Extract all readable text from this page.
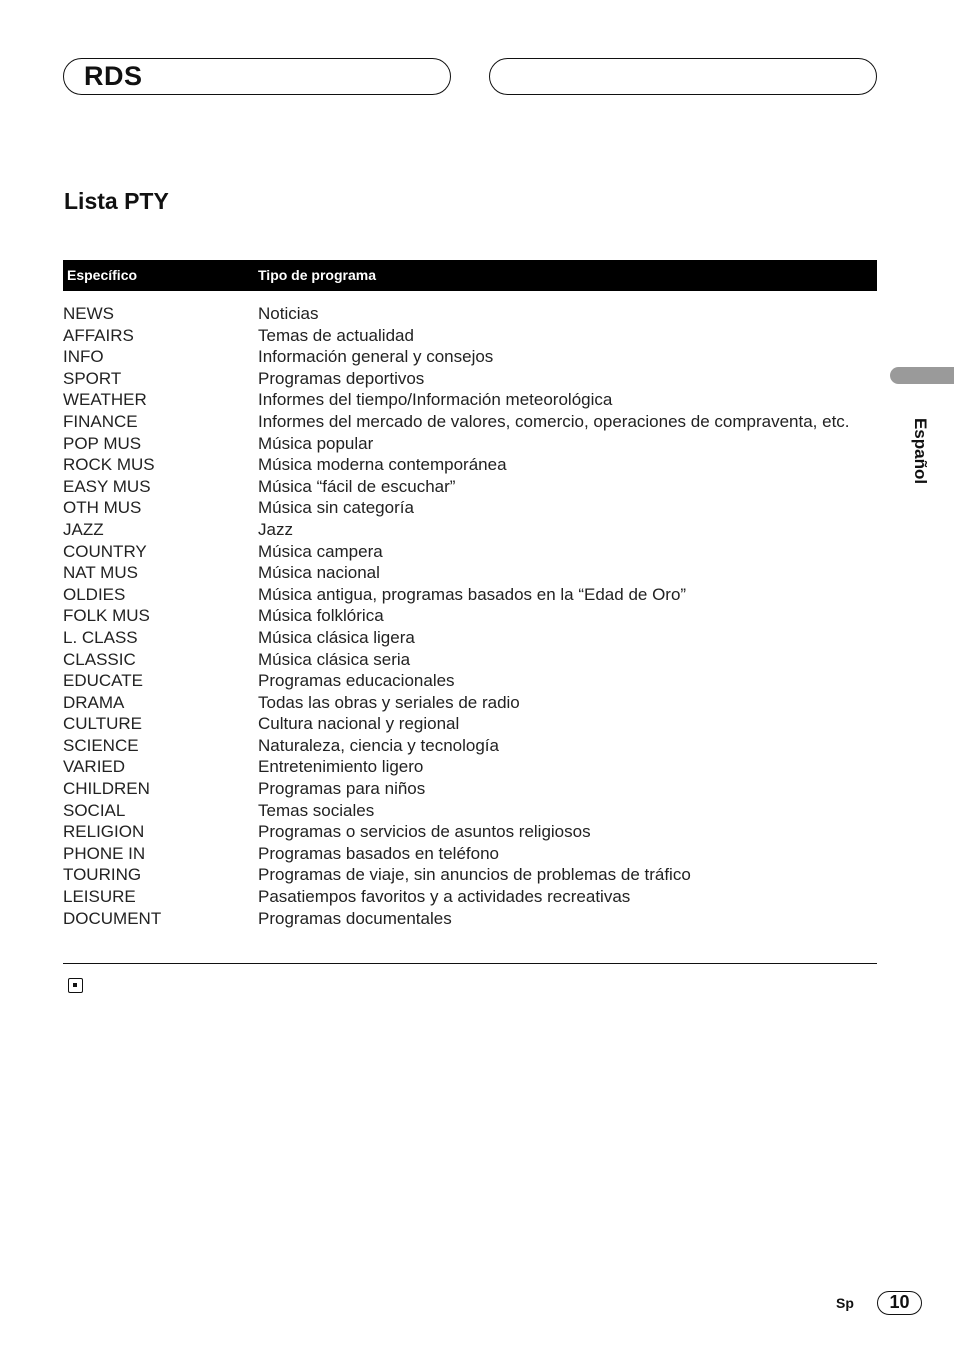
RDS
Lista PTY
Específico	Tipo de programa
NEWS	Noticias
AFFAIRS	Temas de actualidad
INFO	Información general y consejos
SPORT	Programas deportivos
WEATHER	Informes del tiempo/Información meteorológica
FINANCE	Informes del mercado de valores, comercio, operaciones de compraventa, etc.
POP MUS	Música popular
ROCK MUS	Música moderna contemporánea
EASY MUS	Música “fácil de escuchar”
OTH MUS	Música sin categoría
JAZZ	Jazz
COUNTRY	Música campera
NAT MUS	Música nacional
OLDIES	Música antigua, programas basados en la “Edad de Oro”
FOLK MUS	Música folklórica
L. CLASS	Música clásica ligera
CLASSIC	Música clásica seria
EDUCATE	Programas educacionales
DRAMA	Todas las obras y seriales de radio
CULTURE	Cultura nacional y regional
SCIENCE	Naturaleza, ciencia y tecnología
VARIED	Entretenimiento ligero
CHILDREN	Programas para niños
SOCIAL	Temas sociales
RELIGION	Programas o servicios de asuntos religiosos
PHONE IN	Programas basados en teléfono
TOURING	Programas de viaje, sin anuncios de problemas de tráfico
LEISURE	Pasatiempos favoritos y a actividades recreativas
DOCUMENT	Programas documentales
Español
Sp	10
